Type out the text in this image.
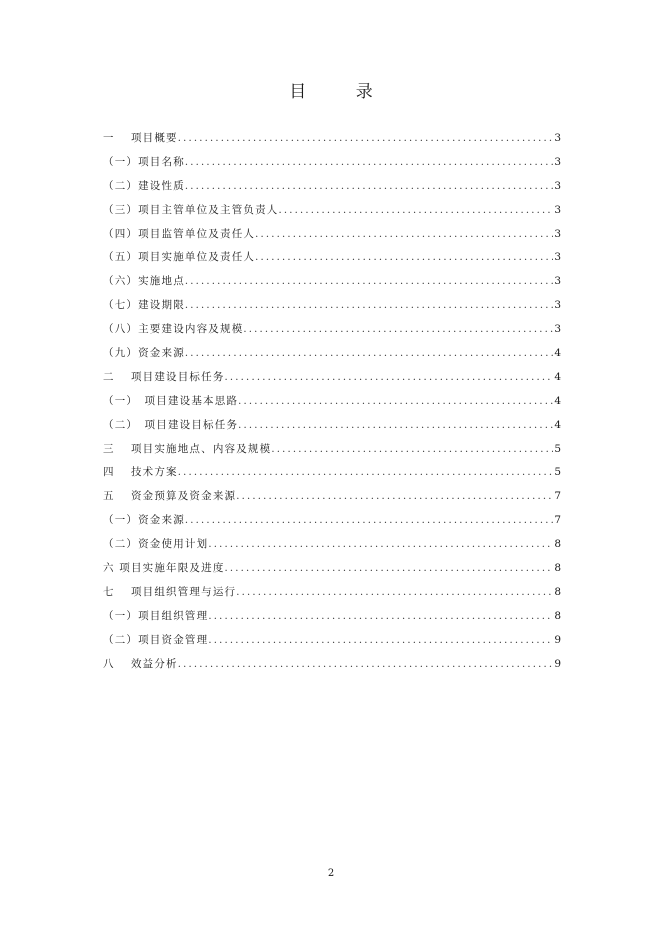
目 录
一　 项目概要 .....	3
（一）项目名称 .....	3
（二）建设性质 .....	3
（三）项目主管单位及主管负责人 .....	3
（四）项目监管单位及责任人 .....	3
（五）项目实施单位及责任人 .....	3
（六）实施地点 .....	3
（七）建设期限 .....	3
（八）主要建设内容及规模 .....	3
（九）资金来源 .....	4
二　 项目建设目标任务 .....	4
（一）　项目建设基本思路 .....	4
（二）　项目建设目标任务 .....	4
三　 项目实施地点、内容及规模 .....	5
四　 技术方案 .....	5
五　 资金预算及资金来源 .....	7
（一）资金来源 .....	7
（二）资金使用计划 .....	8
六 项目实施年限及进度 .....	8
七　 项目组织管理与运行 .....	8
（一）项目组织管理 .....	8
（二）项目资金管理 .....	9
八　 效益分析 .....	9
2
